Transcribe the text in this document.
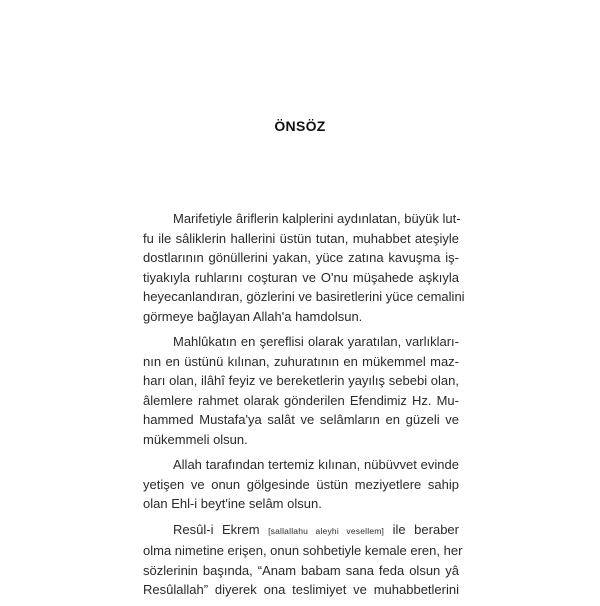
ÖNSÖZ

Marifetiyle âriflerin kalplerini aydınlatan, büyük lut-
fu ile sâliklerin hallerini üstün tutan, muhabbet ateşiyle
dostlarının gönüllerini yakan, yüce zatına kavuşma iş-
tiyakıyla ruhlarını coşturan ve O'nu müşahede aşkıyla
heyecanlandıran, gözlerini ve basiretlerini yüce cemalini
görmeye bağlayan Allah'a hamdolsun.

Mahlûkatın en şereflisi olarak yaratılan, varlıkları-
nın en üstünü kılınan, zuhuratının en mükemmel maz-
harı olan, ilâhî feyiz ve bereketlerin yayılış sebebi olan,
âlemlere rahmet olarak gönderilen Efendimiz Hz. Mu-
hammed Mustafa'ya salât ve selâmların en güzeli ve
mükemmeli olsun.

Allah tarafından tertemiz kılınan, nübüvvet evinde
yetişen ve onun gölgesinde üstün meziyetlere sahip
olan Ehl-i beyt'ine selâm olsun.

Resûl-i Ekrem [sallallahu aleyhi vesellem] ile beraber
olma nimetine erişen, onun sohbetiyle kemale eren, her
sözlerinin başında, “Anam babam sana feda olsun yâ
Resûlallah” diyerek ona teslimiyet ve muhabbetlerini
